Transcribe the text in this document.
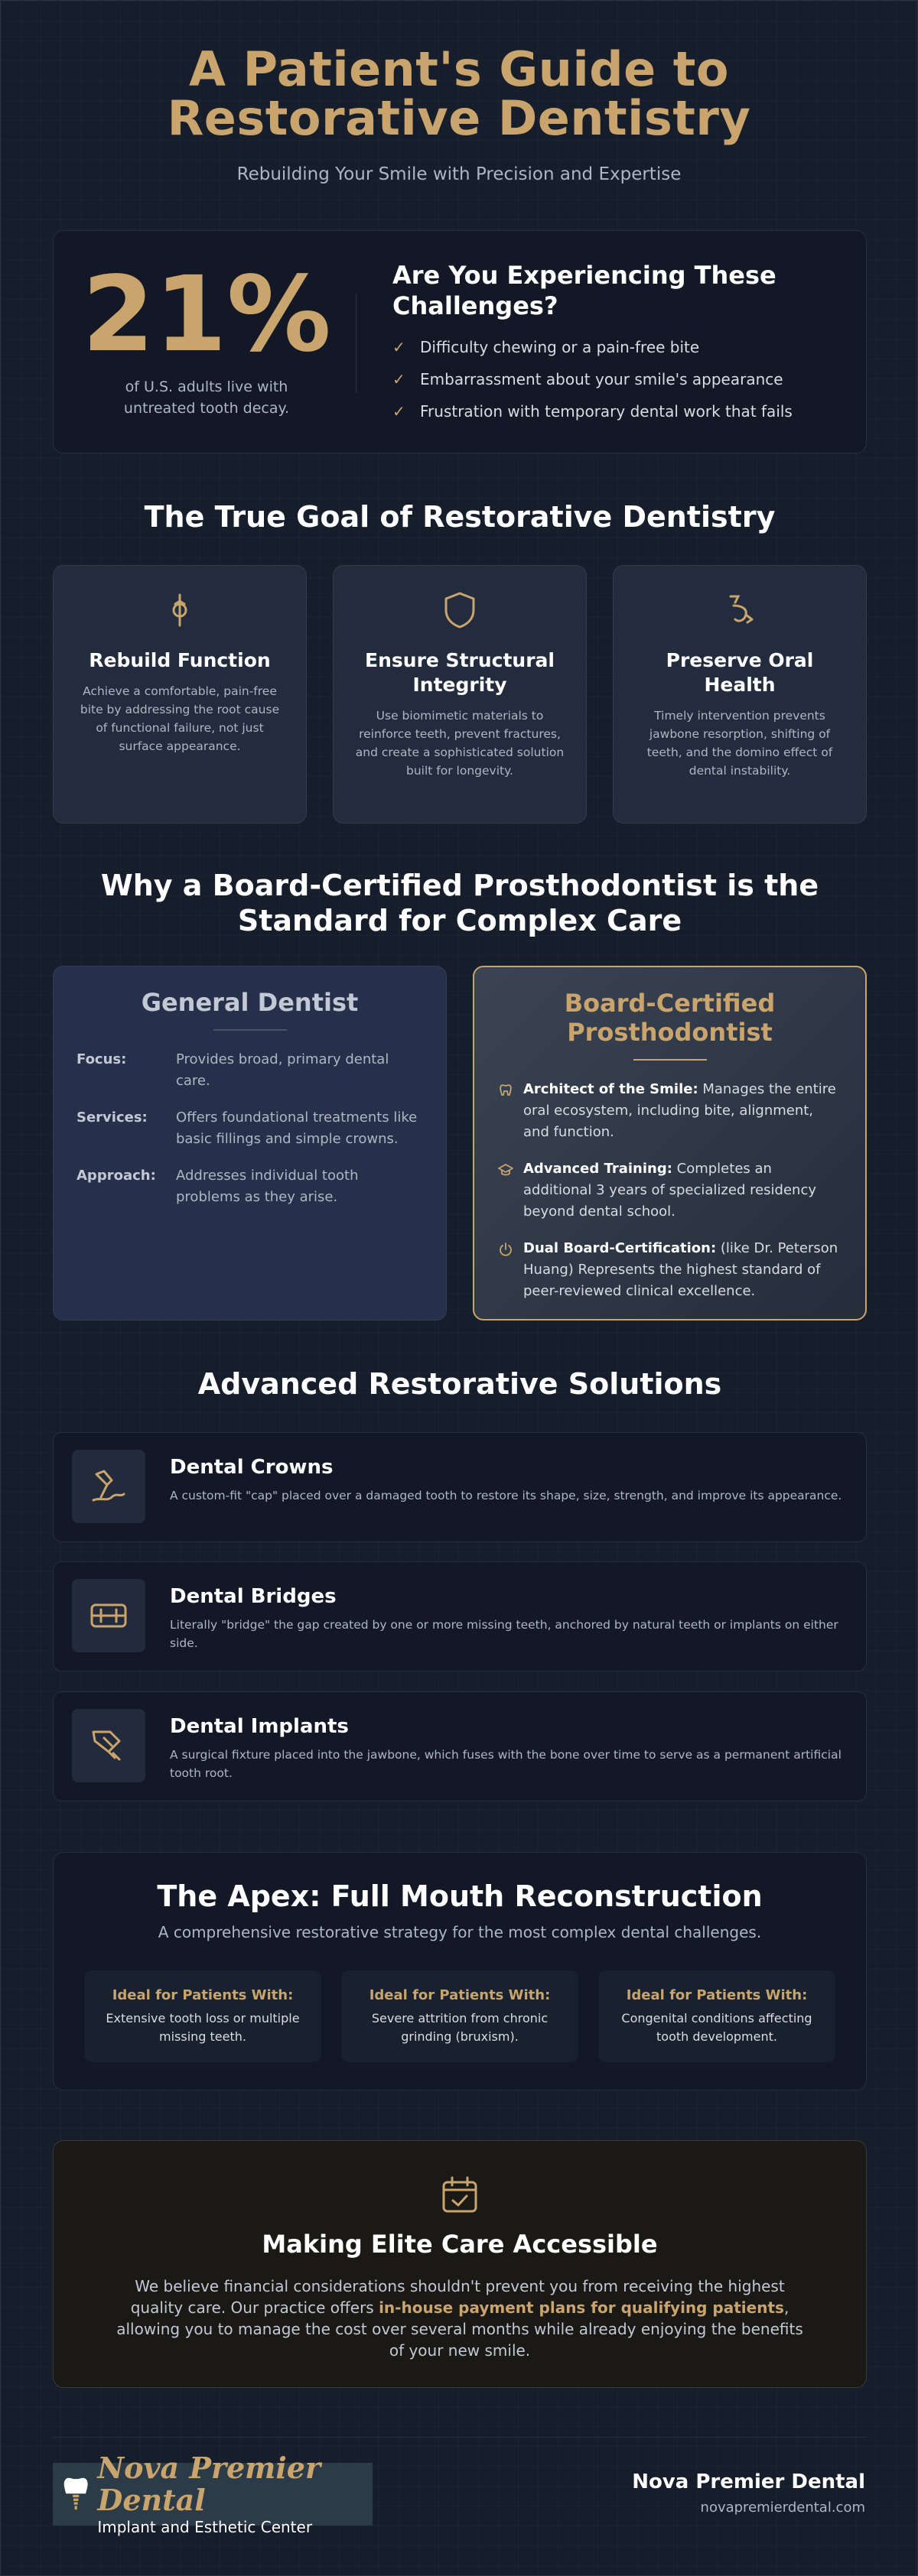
A Patient's Guide to
Restorative Dentistry
Rebuilding Your Smile with Precision and Expertise
21%
of U.S. adults live with
untreated tooth decay.
Are You Experiencing These
Challenges?
✓ Difficulty chewing or a pain-free bite
✓ Embarrassment about your smile's appearance
✓ Frustration with temporary dental work that fails
The True Goal of Restorative Dentistry
Rebuild Function

Achieve a comfortable, pain-free bite by addressing the root cause of functional failure, not just surface appearance.

Ensure Structural Integrity

Use biomimetic materials to reinforce teeth, prevent fractures, and create a sophisticated solution built for longevity.

Preserve Oral Health

Timely intervention prevents jawbone resorption, shifting of teeth, and the domino effect of dental instability.

Why a Board-Certified Prosthodontist is the
Standard for Complex Care
General Dentist
Focus:	Provides broad, primary dental care.
Services:	Offers foundational treatments like basic fillings and simple crowns.
Approach:	Addresses individual tooth problems as they arise.
Board-Certified
Prosthodontist
Architect of the Smile: Manages the entire oral ecosystem, including bite, alignment, and function.
Advanced Training: Completes an additional 3 years of specialized residency beyond dental school.
Dual Board-Certification: (like Dr. Peterson Huang) Represents the highest standard of peer-reviewed clinical excellence.
Advanced Restorative Solutions
Dental Crowns

A custom-fit "cap" placed over a damaged tooth to restore its shape, size, strength, and improve its appearance.

Dental Bridges

Literally "bridge" the gap created by one or more missing teeth, anchored by natural teeth or implants on either side.

Dental Implants

A surgical fixture placed into the jawbone, which fuses with the bone over time to serve as a permanent artificial tooth root.

The Apex: Full Mouth Reconstruction
A comprehensive restorative strategy for the most complex dental challenges.
Ideal for Patients With:
Extensive tooth loss or multiple missing teeth.
Ideal for Patients With:
Severe attrition from chronic grinding (bruxism).
Ideal for Patients With:
Congenital conditions affecting tooth development.
Making Elite Care Accessible

We believe financial considerations shouldn't prevent you from receiving the highest quality care. Our practice offers in-house payment plans for qualifying patients, allowing you to manage the cost over several months while already enjoying the benefits of your new smile.

Nova Premier Dental
Implant and Esthetic Center
Nova Premier Dental
novapremierdental.com
